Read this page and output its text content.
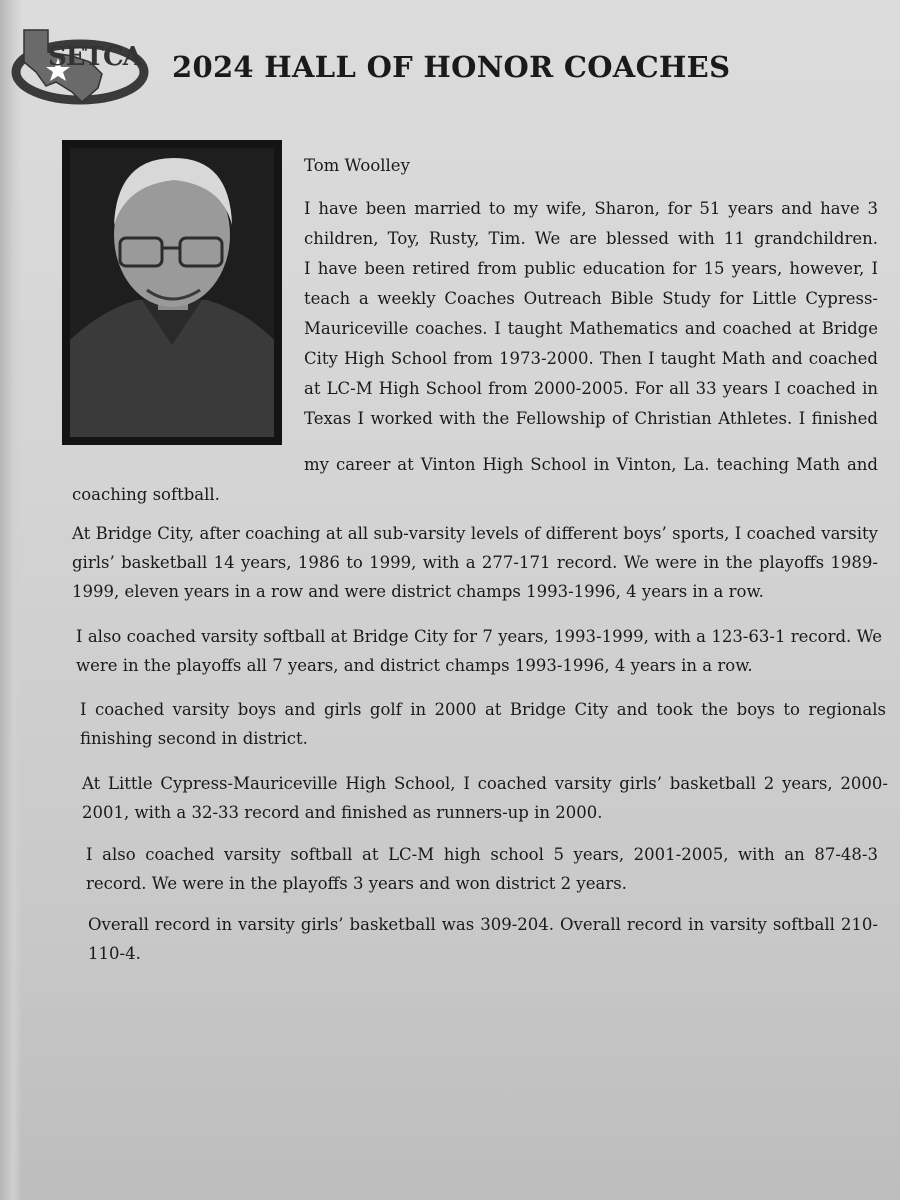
SETCA 2024 HALL OF HONOR COACHES
Tom Woolley
I have been married to my wife, Sharon, for 51 years and have 3
children, Toy, Rusty, Tim. We are blessed with 11 grandchildren.
I have been retired from public education for 15 years, however, I
teach a weekly Coaches Outreach Bible Study for Little Cypress-
Mauriceville coaches. I taught Mathematics and coached at Bridge
City High School from 1973-2000. Then I taught Math and coached
at LC-M High School from 2000-2005. For all 33 years I coached in
Texas I worked with the Fellowship of Christian Athletes. I finished
my career at Vinton High School in Vinton, La. teaching Math and
coaching softball.
At Bridge City, after coaching at all sub-varsity levels of different boys’ sports, I coached varsity girls’ basketball 14 years, 1986 to 1999, with a 277-171 record. We were in the playoffs 1989-1999, eleven years in a row and were district champs 1993-1996, 4 years in a row.
I also coached varsity softball at Bridge City for 7 years, 1993-1999, with a 123-63-1 record. We were in the playoffs all 7 years, and district champs 1993-1996, 4 years in a row.
I coached varsity boys and girls golf in 2000 at Bridge City and took the boys to regionals finishing second in district.
At Little Cypress-Mauriceville High School, I coached varsity girls’ basketball 2 years, 2000-2001, with a 32-33 record and finished as runners-up in 2000.
I also coached varsity softball at LC-M high school 5 years, 2001-2005, with an 87-48-3 record. We were in the playoffs 3 years and won district 2 years.
Overall record in varsity girls’ basketball was 309-204. Overall record in varsity softball 210-110-4.
